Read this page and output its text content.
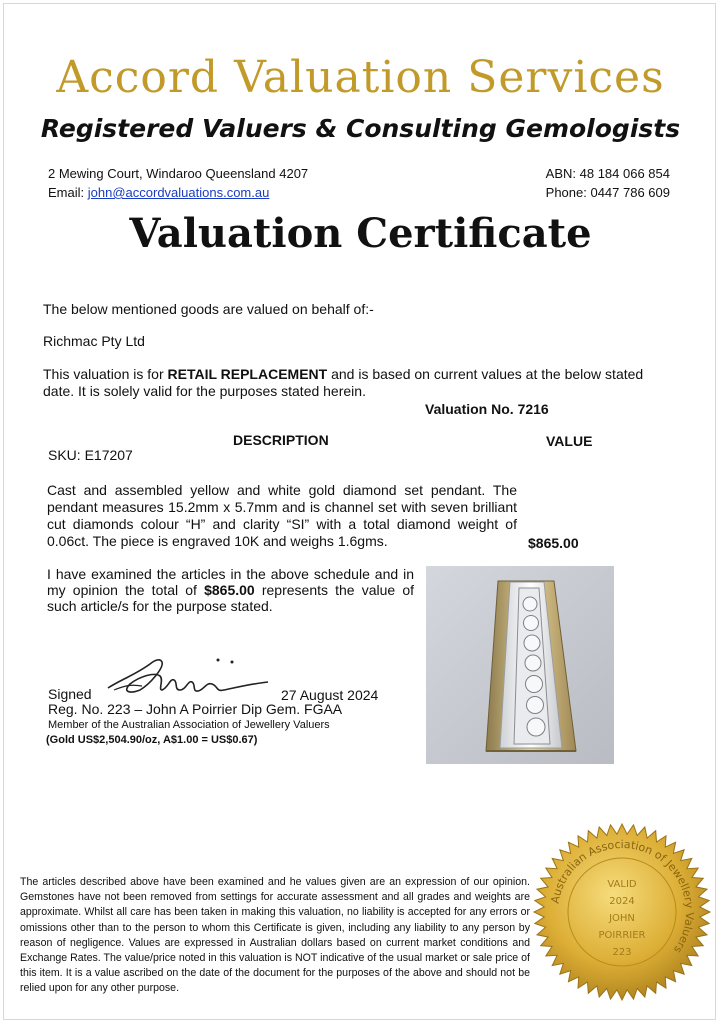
Accord Valuation Services
Registered Valuers & Consulting Gemologists
2 Mewing Court, Windaroo Queensland 4207
Email: john@accordvaluations.com.au
ABN: 48 184 066 854
Phone: 0447 786 609
Valuation Certificate
The below mentioned goods are valued on behalf of:-
Richmac Pty Ltd
This valuation is for RETAIL REPLACEMENT and is based on current values at the below stated
date. It is solely valid for the purposes stated herein.
Valuation No. 7216
DESCRIPTION	VALUE
SKU: E17207
Cast and assembled yellow and white gold diamond set pendant. The pendant measures 15.2mm x 5.7mm and is channel set with seven brilliant cut diamonds colour “H” and clarity “SI” with a total diamond weight of 0.06ct. The piece is engraved 10K and weighs 1.6gms.	$865.00
I have examined the articles in the above schedule and in my opinion the total of $865.00 represents the value of such article/s for the purpose stated.
Signed	27 August 2024
Reg. No. 223 – John A Poirrier Dip Gem. FGAA
Member of the Australian Association of Jewellery Valuers
(Gold US$2,504.90/oz, A$1.00 = US$0.67)
The articles described above have been examined and he values given are an expression of our opinion. Gemstones have not been removed from settings for accurate assessment and all grades and weights are approximate. Whilst all care has been taken in making this valuation, no liability is accepted for any errors or omissions other than to the person to whom this Certificate is given, including any liability to any person by reason of negligence. Values are expressed in Australian dollars based on current market conditions and Exchange Rates. The value/price noted in this valuation is NOT indicative of the usual market or sale price of this item. It is a value ascribed on the date of the document for the purposes of the above and should not be relied upon for any other purpose.
Australian Association of Jewellery Valuers
VALID
2024
JOHN
POIRRIER
223
